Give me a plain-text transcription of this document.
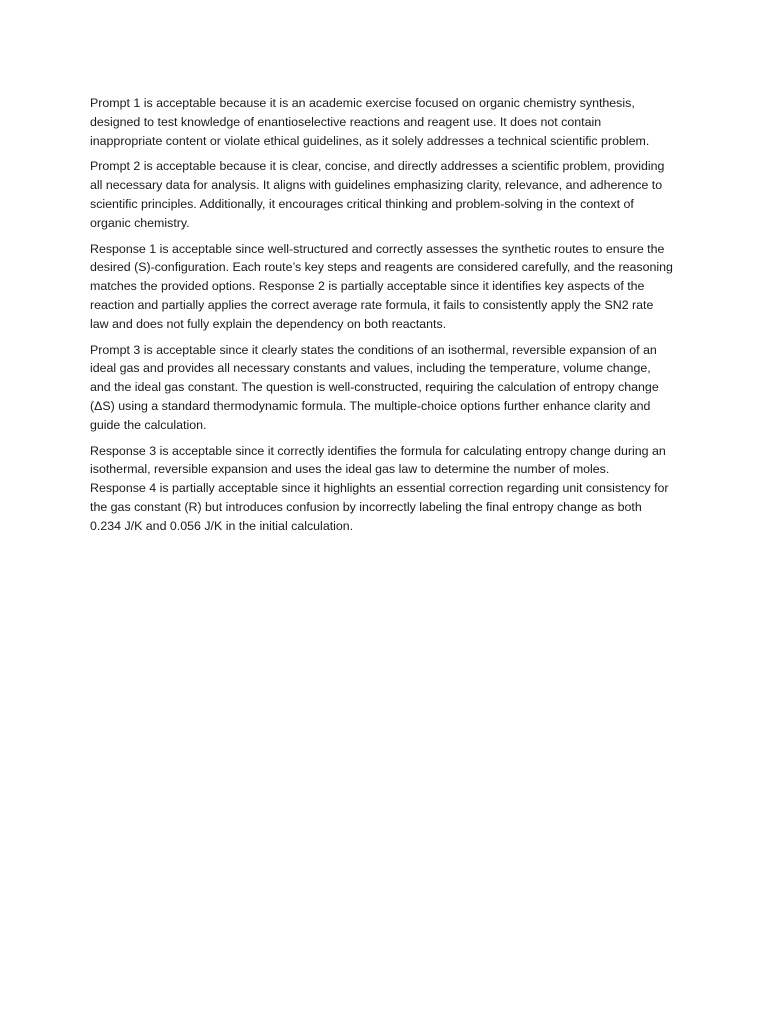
Prompt 1 is acceptable because it is an academic exercise focused on organic chemistry synthesis,
designed to test knowledge of enantioselective reactions and reagent use. It does not contain
inappropriate content or violate ethical guidelines, as it solely addresses a technical scientific problem.
Prompt 2 is acceptable because it is clear, concise, and directly addresses a scientific problem, providing
all necessary data for analysis. It aligns with guidelines emphasizing clarity, relevance, and adherence to
scientific principles. Additionally, it encourages critical thinking and problem-solving in the context of
organic chemistry.
Response 1 is acceptable since well-structured and correctly assesses the synthetic routes to ensure the
desired (S)-configuration. Each route’s key steps and reagents are considered carefully, and the reasoning
matches the provided options. Response 2 is partially acceptable since it identifies key aspects of the
reaction and partially applies the correct average rate formula, it fails to consistently apply the SN2 rate
law and does not fully explain the dependency on both reactants.
Prompt 3 is acceptable since it clearly states the conditions of an isothermal, reversible expansion of an
ideal gas and provides all necessary constants and values, including the temperature, volume change,
and the ideal gas constant. The question is well-constructed, requiring the calculation of entropy change
(ΔS) using a standard thermodynamic formula. The multiple-choice options further enhance clarity and
guide the calculation.
Response 3 is acceptable since it correctly identifies the formula for calculating entropy change during an
isothermal, reversible expansion and uses the ideal gas law to determine the number of moles.
Response 4 is partially acceptable since it highlights an essential correction regarding unit consistency for
the gas constant (R) but introduces confusion by incorrectly labeling the final entropy change as both
0.234 J/K and 0.056 J/K in the initial calculation.
